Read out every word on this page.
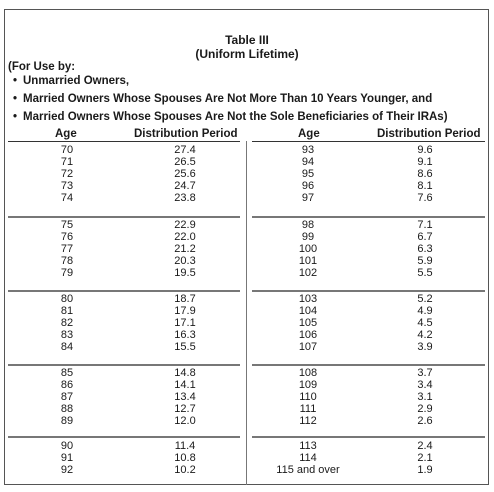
Table III
(Uniform Lifetime)
(For Use by:
• Unmarried Owners,
• Married Owners Whose Spouses Are Not More Than 10 Years Younger, and
• Married Owners Whose Spouses Are Not the Sole Beneficiaries of Their IRAs)
Age	Distribution Period	Age	Distribution Period
70	27.4	93	9.6
71	26.5	94	9.1
72	25.6	95	8.6
73	24.7	96	8.1
74	23.8	97	7.6
75	22.9	98	7.1
76	22.0	99	6.7
77	21.2	100	6.3
78	20.3	101	5.9
79	19.5	102	5.5
80	18.7	103	5.2
81	17.9	104	4.9
82	17.1	105	4.5
83	16.3	106	4.2
84	15.5	107	3.9
85	14.8	108	3.7
86	14.1	109	3.4
87	13.4	110	3.1
88	12.7	111	2.9
89	12.0	112	2.6
90	11.4	113	2.4
91	10.8	114	2.1
92	10.2	115 and over	1.9
